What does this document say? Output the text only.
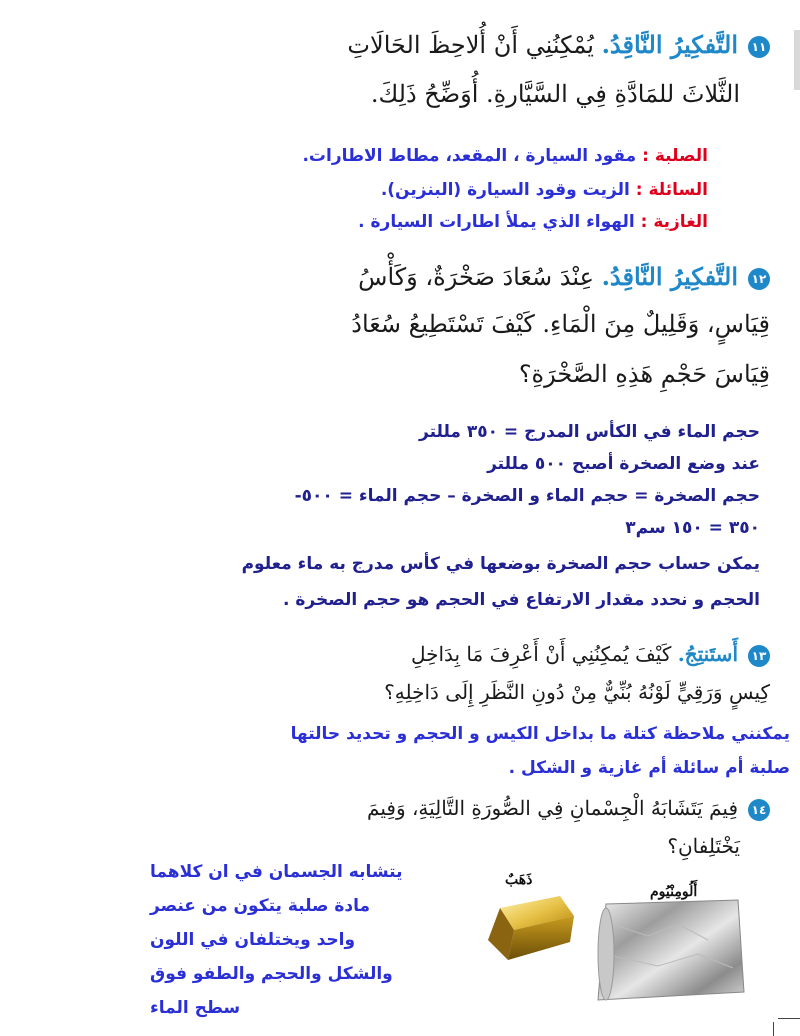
١١التَّفكِيرُ النَّاقِدُ. يُمْكِنُنِي أَنْ أُلاحِظَ الحَالَاتِ
الثَّلاثَ للمَادَّةِ فِي السَّيَّارةِ. أُوَضِّحُ ذَلِكَ.
الصلبة : مقود السيارة ، المقعد، مطاط الاطارات.
السائلة : الزيت وقود السيارة (البنزين).
الغازية : الهواء الذي يملأ اطارات السيارة .
١٢التَّفكِيرُ النَّاقِدُ. عِنْدَ سُعَادَ صَخْرَةٌ، وَكَأْسُ
قِيَاسٍ، وَقَلِيلٌ مِنَ الْمَاءِ. كَيْفَ تَسْتَطِيعُ سُعَادُ
قِيَاسَ حَجْمِ هَذِهِ الصَّخْرَةِ؟
حجم الماء في الكأس المدرج = ٣٥٠ مللتر
عند وضع الصخرة أصبح ٥٠٠ مللتر
حجم الصخرة = حجم الماء و الصخرة – حجم الماء = ٥٠٠-
٣٥٠ = ١٥٠ سم٣
يمكن حساب حجم الصخرة بوضعها في كأس مدرج به ماء معلوم
الحجم و نحدد مقدار الارتفاع في الحجم هو حجم الصخرة .
١٣أَستَنتِجُ. كَيْفَ يُمكِنُنِي أَنْ أَعْرِفَ مَا بِدَاخِلِ
كِيسٍ وَرَقِيٍّ لَوْنُهُ بُنِّيٌّ مِنْ دُونِ النَّظَرِ إِلَى دَاخِلِهِ؟
يمكنني ملاحظة كتلة ما بداخل الكيس و الحجم و تحديد حالتها
صلبة أم سائلة أم غازية و الشكل .
١٤فِيمَ يَتَشَابَهُ الْجِسْمانِ فِي الصُّورَةِ التَّالِيَةِ، وَفِيمَ
يَخْتَلِفانِ؟
يتشابه الجسمان في ان كلاهما
مادة صلبة يتكون من عنصر
واحد ويختلفان في اللون
والشكل والحجم والطفو فوق
سطح الماء
ذَهَبٌ
أَلُومِنْيُوم
